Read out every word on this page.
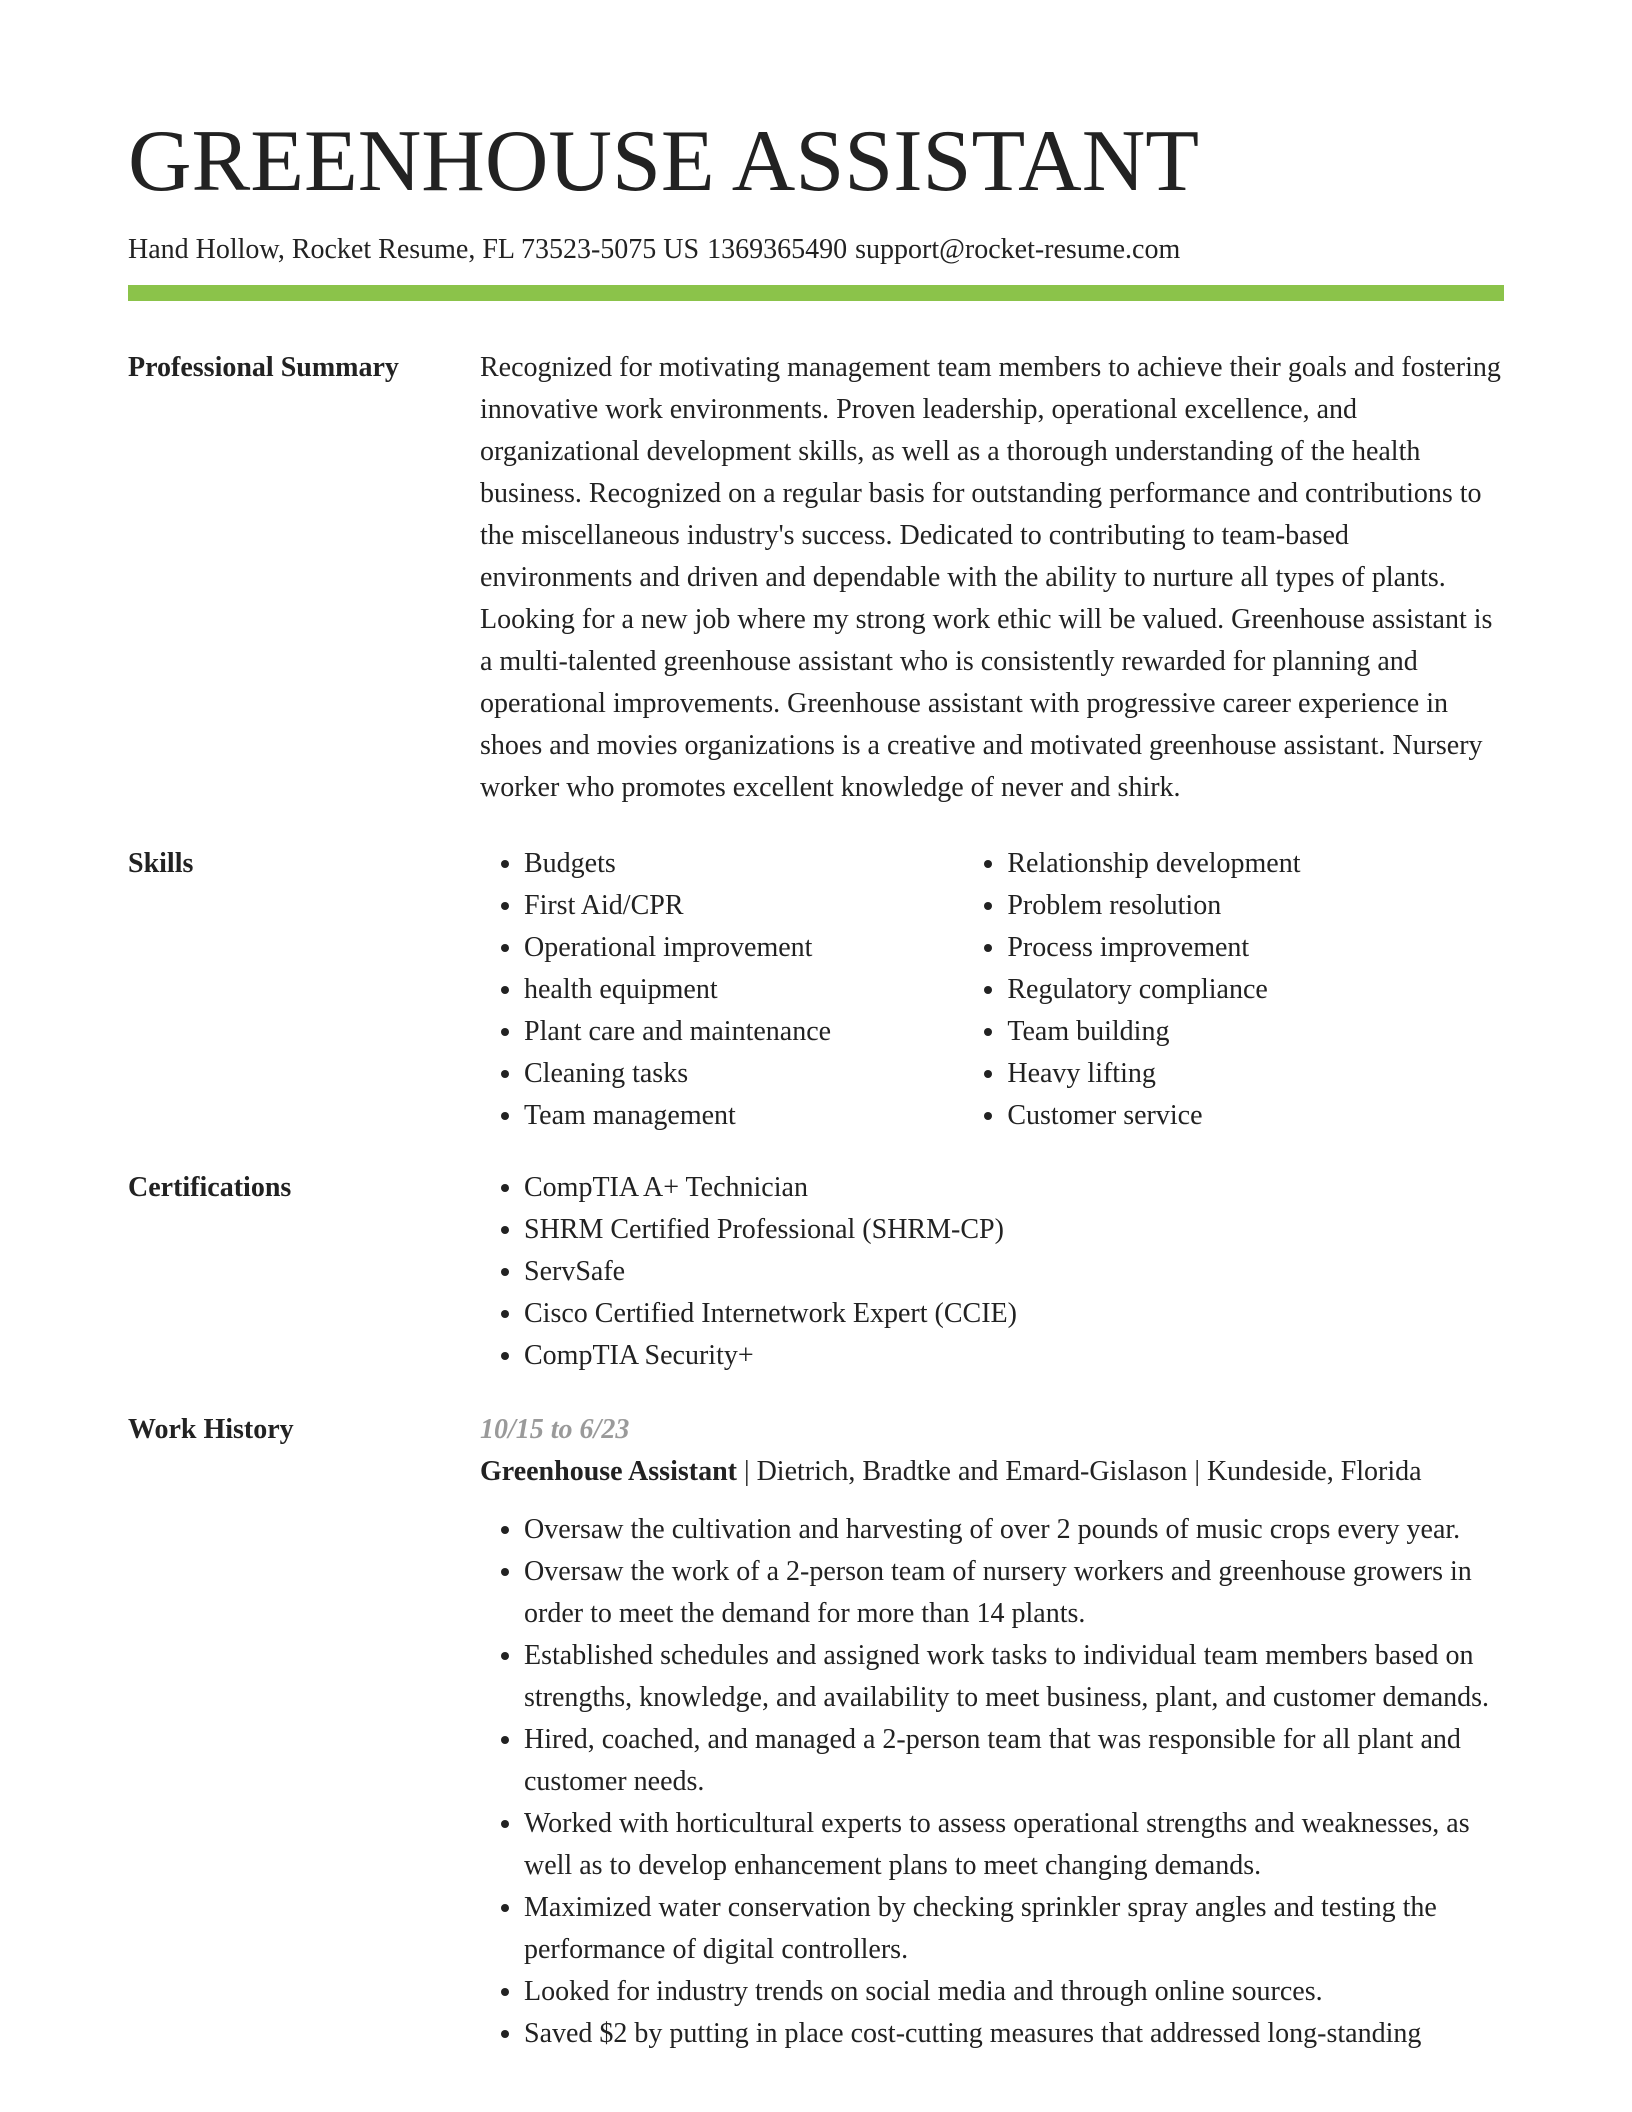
GREENHOUSE ASSISTANT
Hand Hollow, Rocket Resume, FL 73523-5075 US 1369365490 support@rocket-resume.com
Professional Summary	Recognized for motivating management team members to achieve their goals and fostering innovative work environments. Proven leadership, operational excellence, and organizational development skills, as well as a thorough understanding of the health business. Recognized on a regular basis for outstanding performance and contributions to the miscellaneous industry's success. Dedicated to contributing to team-based environments and driven and dependable with the ability to nurture all types of plants. Looking for a new job where my strong work ethic will be valued. Greenhouse assistant is a multi-talented greenhouse assistant who is consistently rewarded for planning and operational improvements. Greenhouse assistant with progressive career experience in shoes and movies organizations is a creative and motivated greenhouse assistant. Nursery worker who promotes excellent knowledge of never and shirk.

Skills	• Budgets
• First Aid/CPR
• Operational improvement
• health equipment
• Plant care and maintenance
• Cleaning tasks
• Team management
• Relationship development
• Problem resolution
• Process improvement
• Regulatory compliance
• Team building
• Heavy lifting
• Customer service
Certifications	• CompTIA A+ Technician
• SHRM Certified Professional (SHRM-CP)
• ServSafe
• Cisco Certified Internetwork Expert (CCIE)
• CompTIA Security+
Work History	10/15 to 6/23
Greenhouse Assistant | Dietrich, Bradtke and Emard-Gislason | Kundeside, Florida
• Oversaw the cultivation and harvesting of over 2 pounds of music crops every year.
• Oversaw the work of a 2-person team of nursery workers and greenhouse growers in order to meet the demand for more than 14 plants.
• Established schedules and assigned work tasks to individual team members based on strengths, knowledge, and availability to meet business, plant, and customer demands.
• Hired, coached, and managed a 2-person team that was responsible for all plant and customer needs.
• Worked with horticultural experts to assess operational strengths and weaknesses, as well as to develop enhancement plans to meet changing demands.
• Maximized water conservation by checking sprinkler spray angles and testing the performance of digital controllers.
• Looked for industry trends on social media and through online sources.
• Saved $2 by putting in place cost-cutting measures that addressed long-standing
